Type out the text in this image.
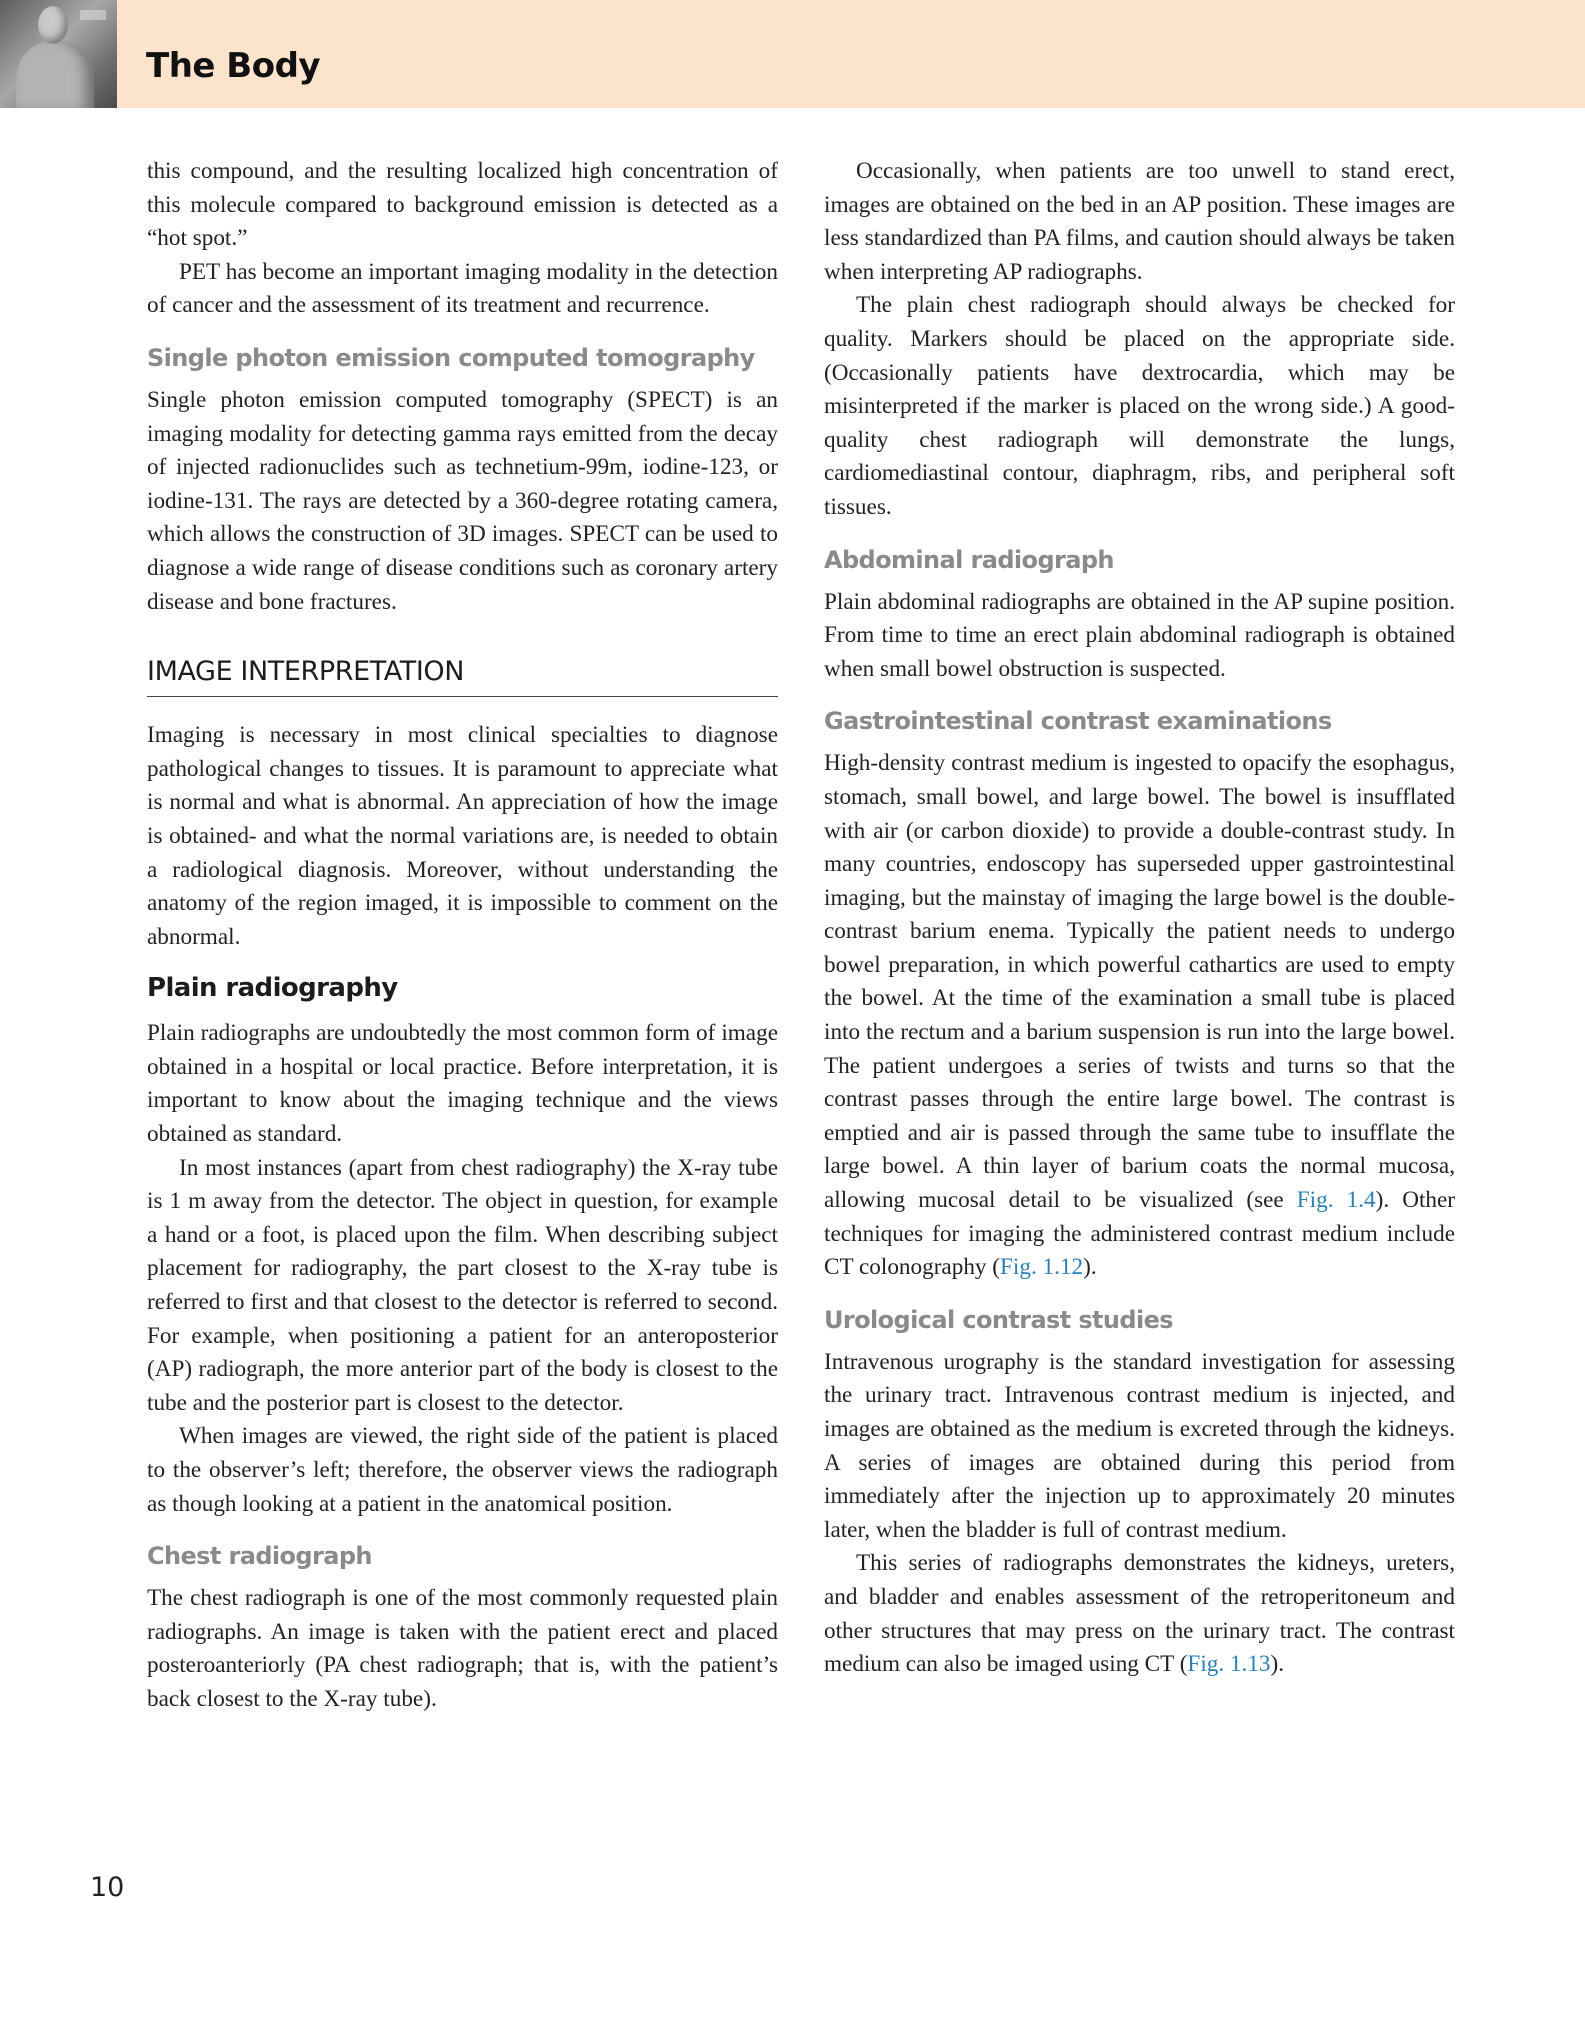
The Body

this compound, and the resulting localized high concentration of this molecule compared to background emission is detected as a “hot spot.”

PET has become an important imaging modality in the detection of cancer and the assessment of its treatment and recurrence.

Single photon emission computed tomography

Single photon emission computed tomography (SPECT) is an imaging modality for detecting gamma rays emitted from the decay of injected radionuclides such as technetium-99m, iodine-123, or iodine-131. The rays are detected by a 360-degree rotating camera, which allows the construction of 3D images. SPECT can be used to diagnose a wide range of disease conditions such as coronary artery disease and bone fractures.

IMAGE INTERPRETATION

Imaging is necessary in most clinical specialties to diagnose pathological changes to tissues. It is paramount to appreciate what is normal and what is abnormal. An appreciation of how the image is obtained- and what the normal variations are, is needed to obtain a radiological diagnosis. Moreover, without understanding the anatomy of the region imaged, it is impossible to comment on the abnormal.

Plain radiography

Plain radiographs are undoubtedly the most common form of image obtained in a hospital or local practice. Before interpretation, it is important to know about the imaging technique and the views obtained as standard.

In most instances (apart from chest radiography) the X-ray tube is 1 m away from the detector. The object in question, for example a hand or a foot, is placed upon the film. When describing subject placement for radiography, the part closest to the X-ray tube is referred to first and that closest to the detector is referred to second. For example, when positioning a patient for an anteroposterior (AP) radiograph, the more anterior part of the body is closest to the tube and the posterior part is closest to the detector.

When images are viewed, the right side of the patient is placed to the observer’s left; therefore, the observer views the radiograph as though looking at a patient in the anatomical position.

Chest radiograph

The chest radiograph is one of the most commonly requested plain radiographs. An image is taken with the patient erect and placed posteroanteriorly (PA chest radiograph; that is, with the patient’s back closest to the X-ray tube).

Occasionally, when patients are too unwell to stand erect, images are obtained on the bed in an AP position. These images are less standardized than PA films, and caution should always be taken when interpreting AP radiographs.

The plain chest radiograph should always be checked for quality. Markers should be placed on the appropriate side. (Occasionally patients have dextrocardia, which may be misinterpreted if the marker is placed on the wrong side.) A good-quality chest radiograph will demonstrate the lungs, cardiomediastinal contour, diaphragm, ribs, and peripheral soft tissues.

Abdominal radiograph

Plain abdominal radiographs are obtained in the AP supine position. From time to time an erect plain abdominal radiograph is obtained when small bowel obstruction is suspected.

Gastrointestinal contrast examinations

High-density contrast medium is ingested to opacify the esophagus, stomach, small bowel, and large bowel. The bowel is insufflated with air (or carbon dioxide) to provide a double-contrast study. In many countries, endoscopy has superseded upper gastrointestinal imaging, but the mainstay of imaging the large bowel is the double-contrast barium enema. Typically the patient needs to undergo bowel preparation, in which powerful cathartics are used to empty the bowel. At the time of the examination a small tube is placed into the rectum and a barium suspension is run into the large bowel. The patient undergoes a series of twists and turns so that the contrast passes through the entire large bowel. The contrast is emptied and air is passed through the same tube to insufflate the large bowel. A thin layer of barium coats the normal mucosa, allowing mucosal detail to be visualized (see Fig. 1.4). Other techniques for imaging the administered contrast medium include CT colonography (Fig. 1.12).

Urological contrast studies

Intravenous urography is the standard investigation for assessing the urinary tract. Intravenous contrast medium is injected, and images are obtained as the medium is excreted through the kidneys. A series of images are obtained during this period from immediately after the injection up to approximately 20 minutes later, when the bladder is full of contrast medium.

This series of radiographs demonstrates the kidneys, ureters, and bladder and enables assessment of the retroperitoneum and other structures that may press on the urinary tract. The contrast medium can also be imaged using CT (Fig. 1.13).

10
